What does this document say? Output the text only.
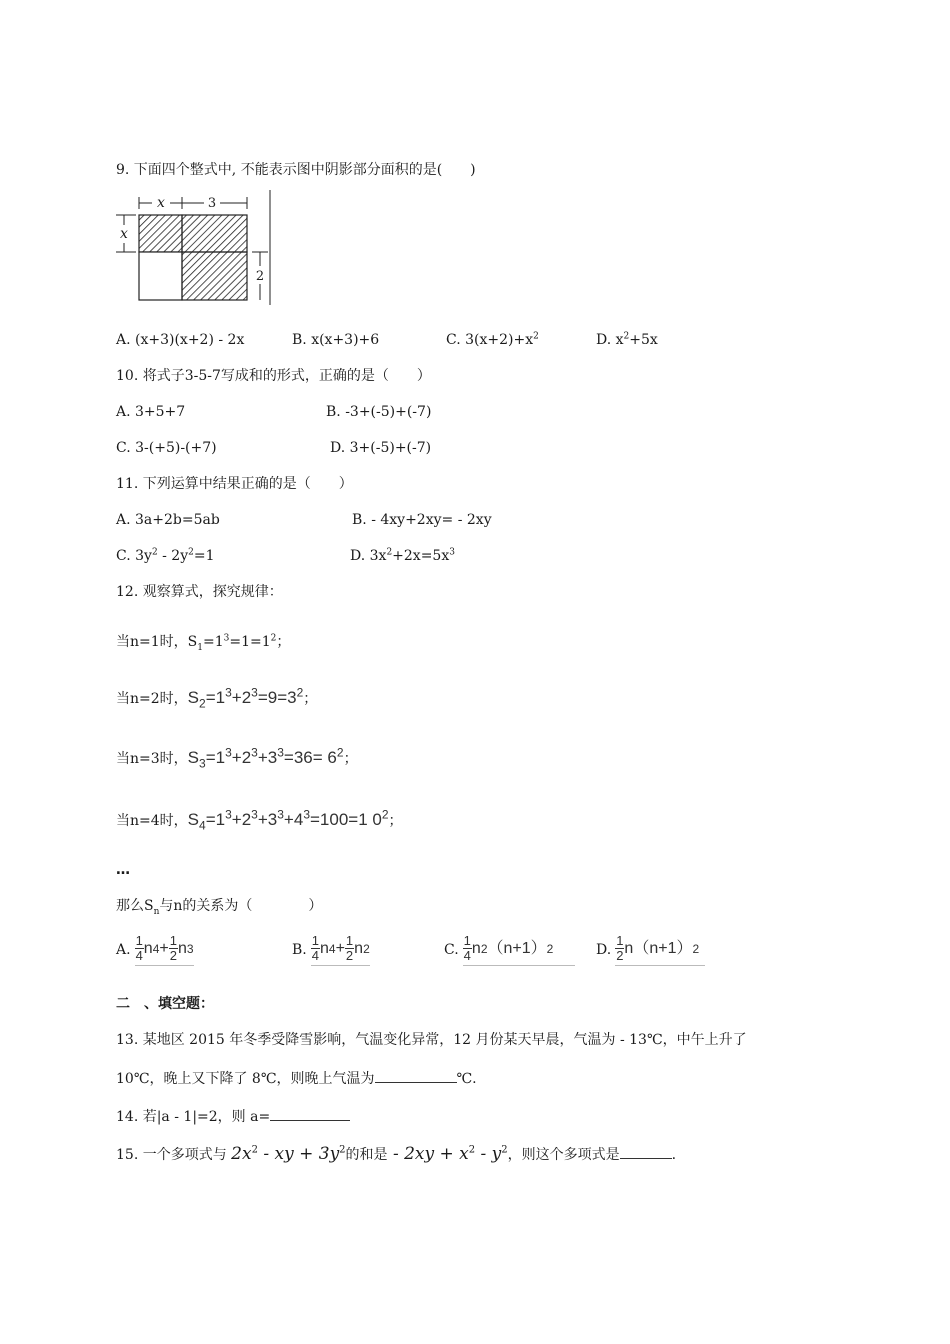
9. 下面四个整式中, 不能表示图中阴影部分面积的是(　　)
x	3
x
2
A. (x+3)(x+2) - 2x	B. x(x+3)+6	C. $3(x+2)+x^2$	D. $x^2+5x$
10. 将式子3-5-7写成和的形式，正确的是（　　）
A. 3+5+7	B. -3+(-5)+(-7)
C. 3-(+5)-(+7)	D. 3+(-5)+(-7)
11. 下列运算中结果正确的是（　　）
A. 3a+2b=5ab	B. - 4xy+2xy= - 2xy
C. $3y^2 - 2y^2=1$	D. $3x^2+2x=5x^3$
12. 观察算式，探究规律：
当n=1时，$S_1=1^3=1=1^2$；
当n=2时，$S_2=1^3+2^3=9=3^2$；
当n=3时，$S_3=1^3+2^3+3^3=36= 6^2$；
当n=4时，$S_4=1^3+2^3+3^3+4^3=100=1$ $0^2$；
…
那么$S_n$与n的关系为（　　　　）
A. $\frac{1}{4}$ n $4 + \frac{1}{2}$ n 3	B. $\frac{1}{4}$ n $4 + \frac{1}{2}$ n 2	C. $\frac{1}{4}$ n 2 （n+1） 2	D. $\frac{1}{2} n(n+1)$ 2
二　、填空题：
13. 某地区 2015 年冬季受降雪影响，气温变化异常，12 月份某天早晨，气温为 - 13℃，中午上升了
10℃，晚上又下降了 8℃，则晚上气温为	℃.
14. 若|a - 1|=2，则 a=
15. 一个多项式与 $2x^2$ - xy + $3y^2$的和是 - $2xy + x^2 - y^2$，则这个多项式是	.
